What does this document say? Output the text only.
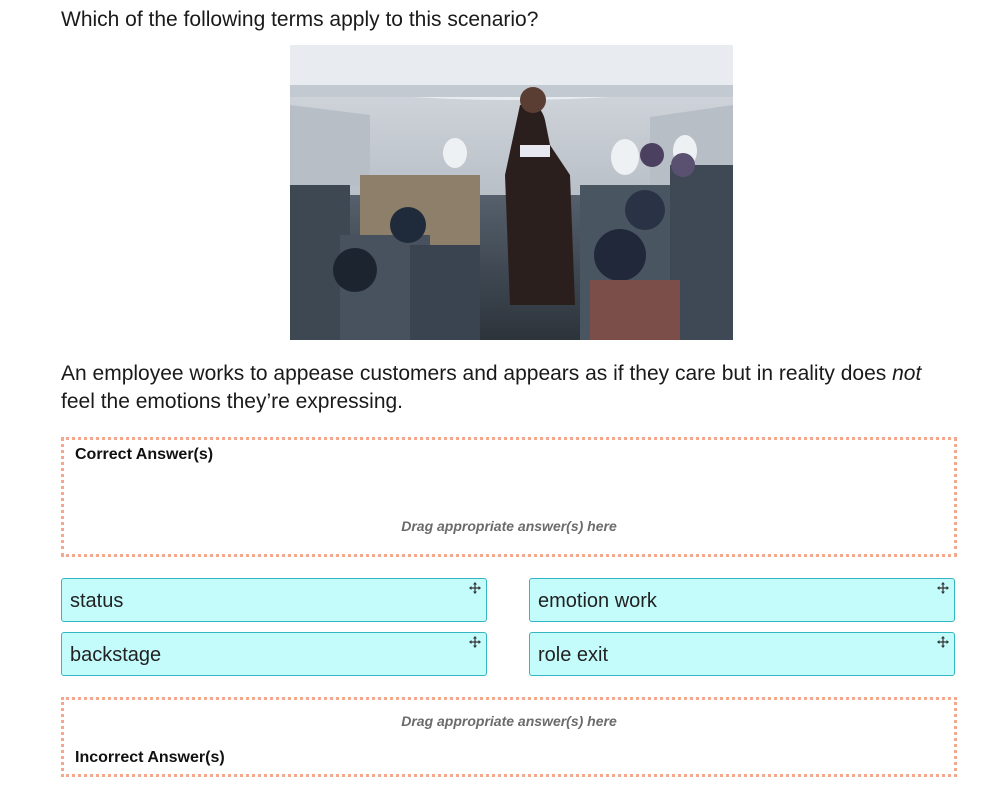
Which of the following terms apply to this scenario?

An employee works to appease customers and appears as if they care but in reality does not feel the emotions they’re expressing.

Correct Answer(s)
Drag appropriate answer(s) here
status	emotion work
backstage	role exit
Drag appropriate answer(s) here
Incorrect Answer(s)
